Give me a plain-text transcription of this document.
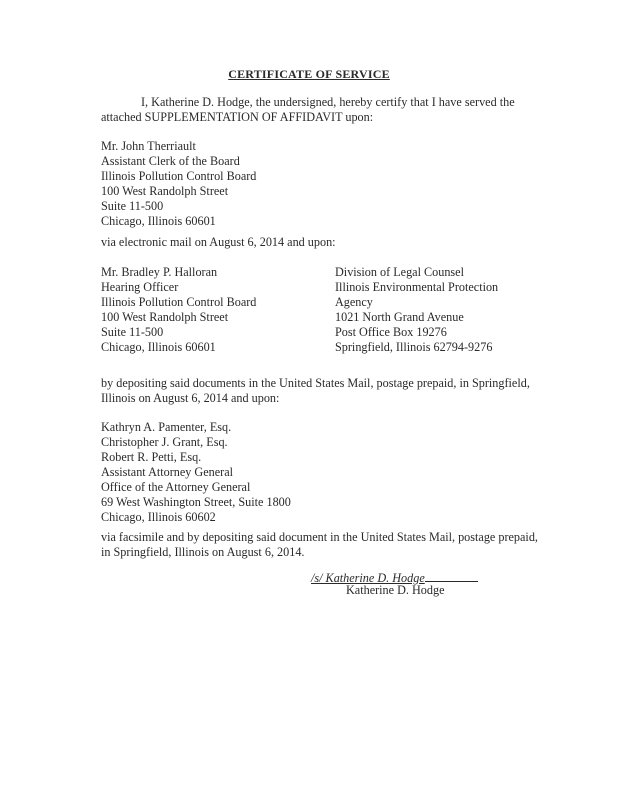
CERTIFICATE OF SERVICE
I, Katherine D. Hodge, the undersigned, hereby certify that I have served the
attached SUPPLEMENTATION OF AFFIDAVIT upon:
Mr. John Therriault
Assistant Clerk of the Board
Illinois Pollution Control Board
100 West Randolph Street
Suite 11-500
Chicago, Illinois 60601
via electronic mail on August 6, 2014 and upon:
Mr. Bradley P. Halloran
Hearing Officer
Illinois Pollution Control Board
100 West Randolph Street
Suite 11-500
Chicago, Illinois 60601
Division of Legal Counsel
Illinois Environmental Protection
Agency
1021 North Grand Avenue
Post Office Box 19276
Springfield, Illinois 62794-9276
by depositing said documents in the United States Mail, postage prepaid, in Springfield,
Illinois on August 6, 2014 and upon:
Kathryn A. Pamenter, Esq.
Christopher J. Grant, Esq.
Robert R. Petti, Esq.
Assistant Attorney General
Office of the Attorney General
69 West Washington Street, Suite 1800
Chicago, Illinois 60602
via facsimile and by depositing said document in the United States Mail, postage prepaid,
in Springfield, Illinois on August 6, 2014.
/s/ Katherine D. Hodge
Katherine D. Hodge
